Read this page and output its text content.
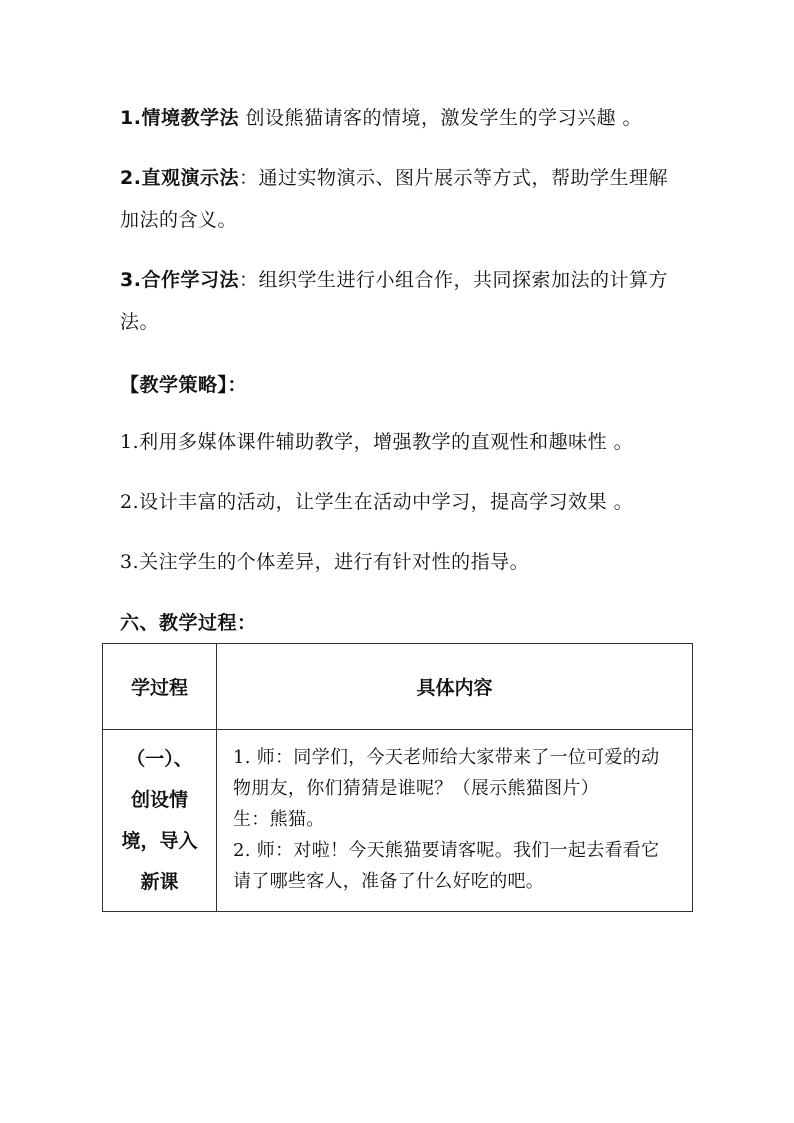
1.情境教学法 创设熊猫请客的情境，激发学生的学习兴趣 。

2.直观演示法：通过实物演示、图片展示等方式，帮助学生理解加法的含义。

3.合作学习法：组织学生进行小组合作，共同探索加法的计算方法。

【教学策略】：

1.利用多媒体课件辅助教学，增强教学的直观性和趣味性 。

2.设计丰富的活动，让学生在活动中学习，提高学习效果 。

3.关注学生的个体差异，进行有针对性的指导。

六、教学过程：

学过程	具体内容

（一）、
创设情
境，导入
新课	1. 师：同学们，今天老师给大家带来了一位可爱的动物朋友，你们猜猜是谁呢？（展示熊猫图片）
生：熊猫。
2. 师：对啦！今天熊猫要请客呢。我们一起去看看它请了哪些客人，准备了什么好吃的吧。
